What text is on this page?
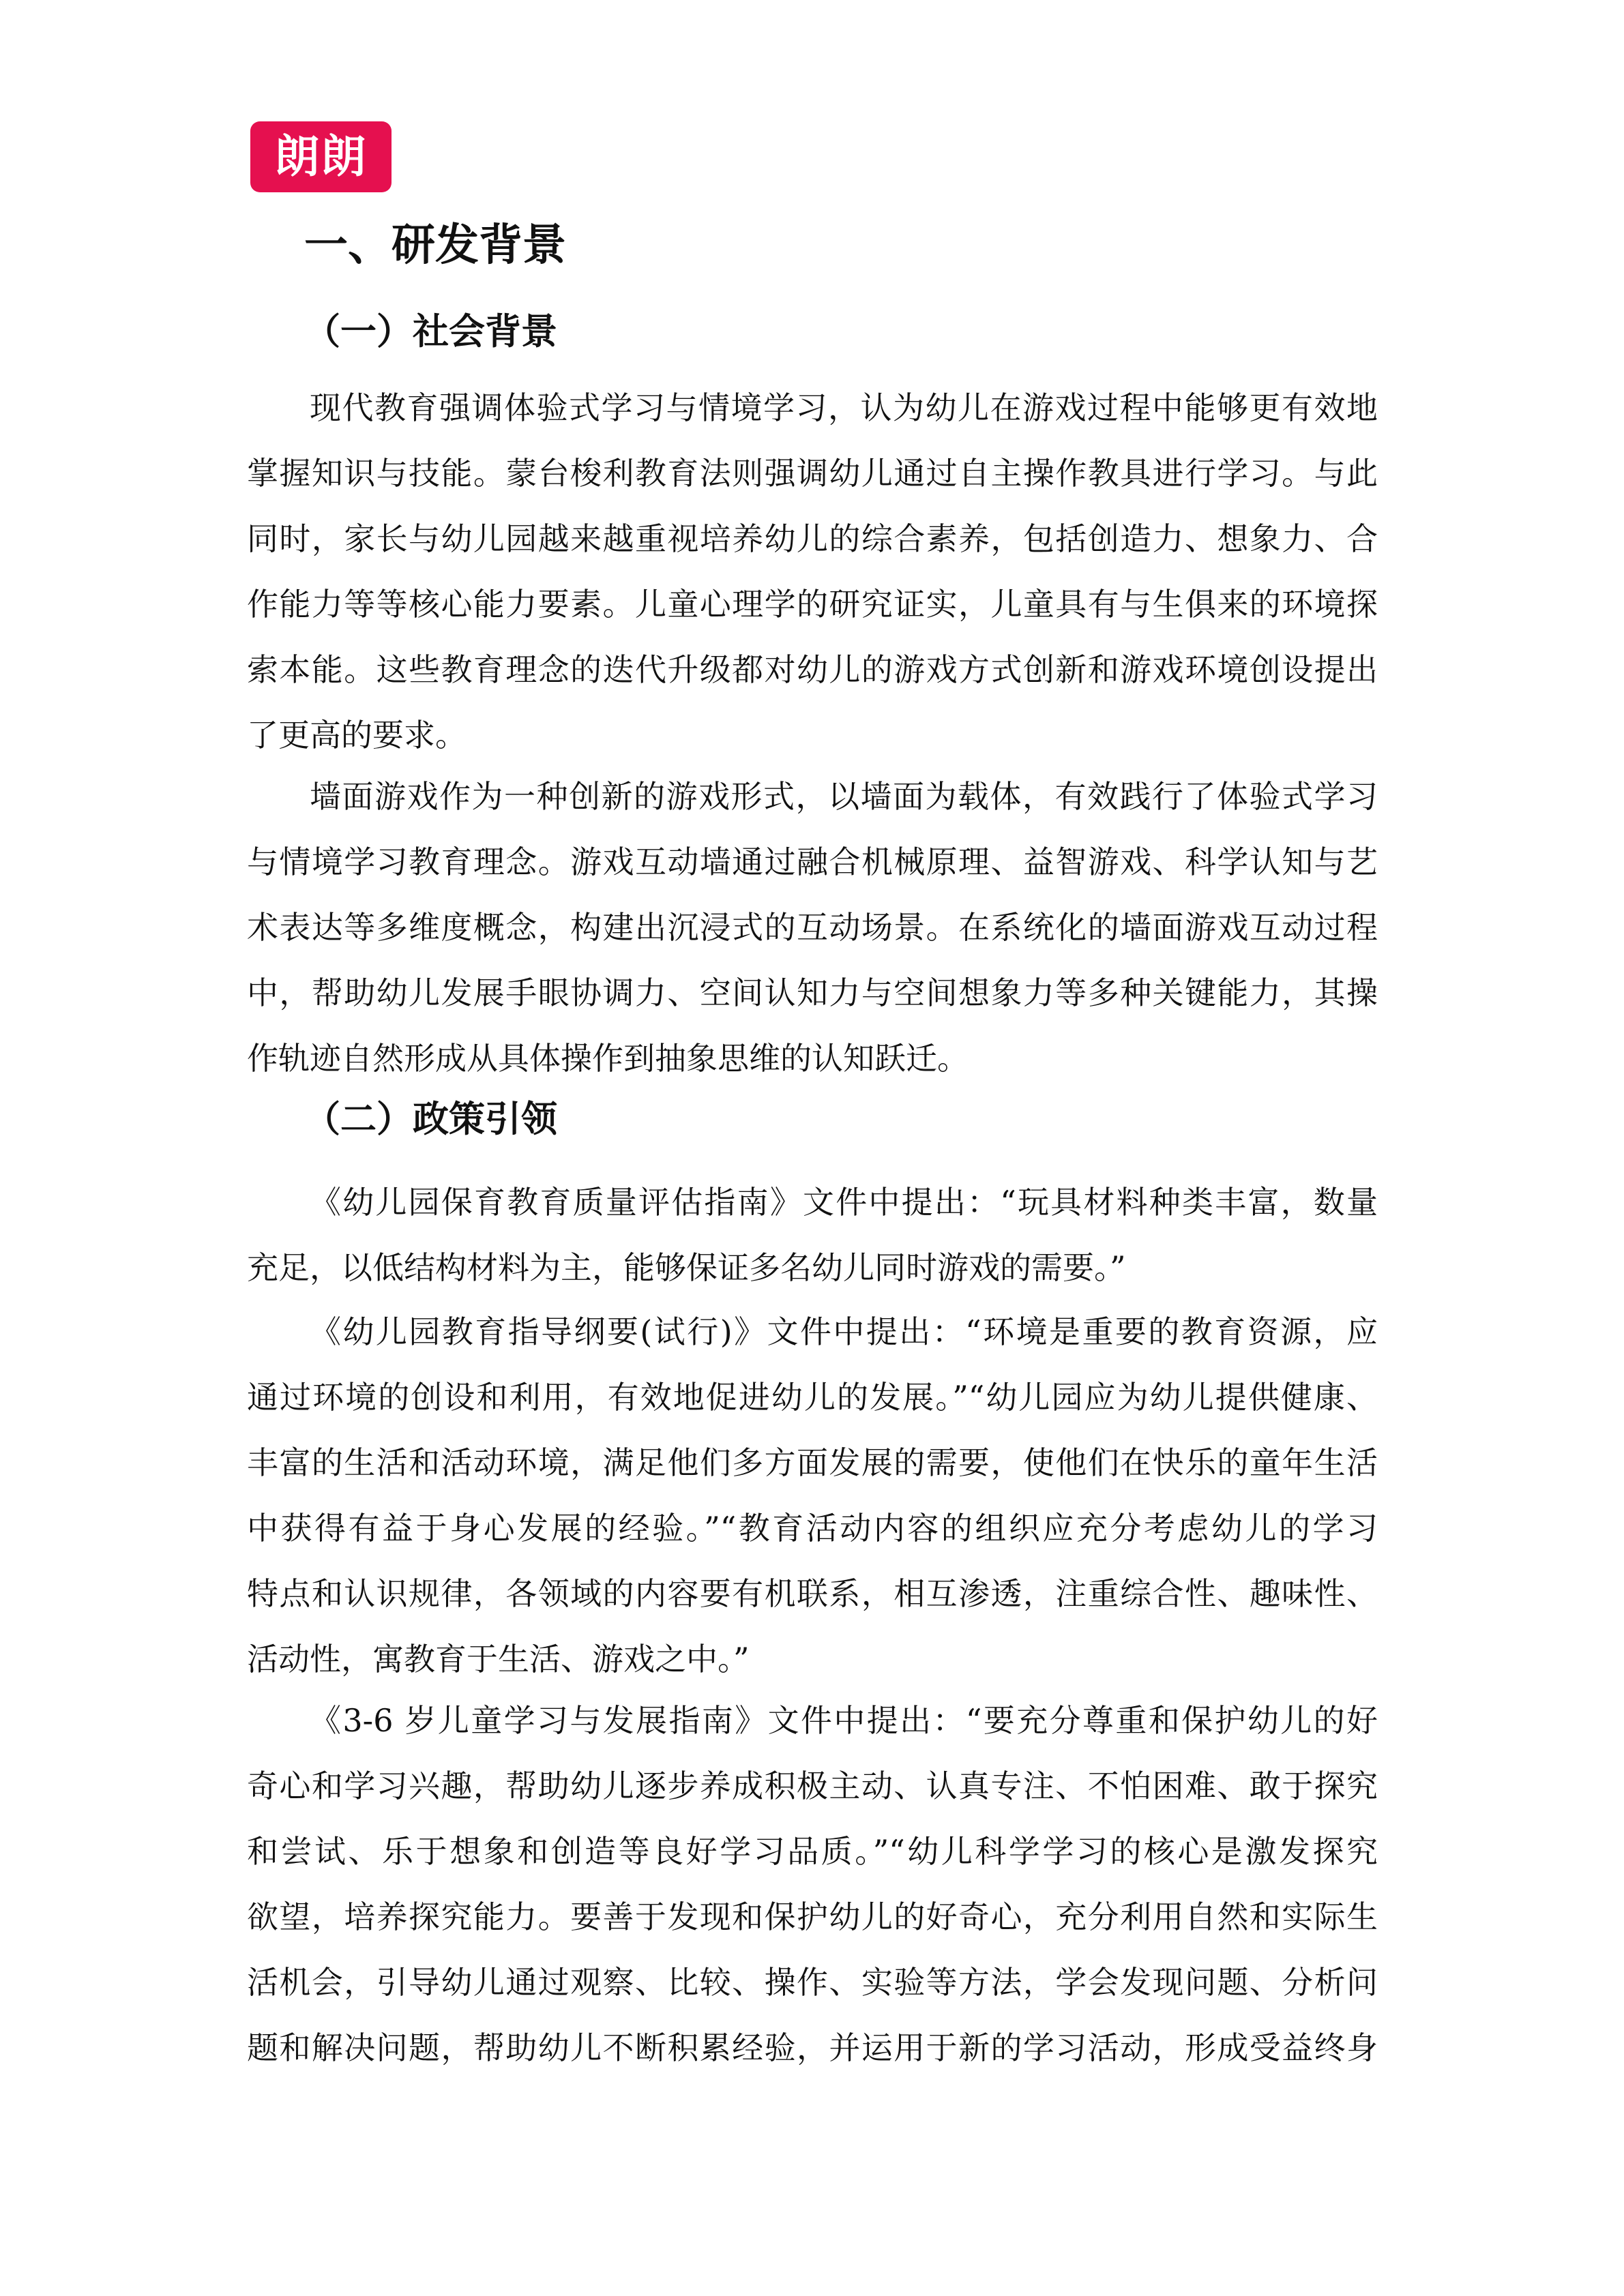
朗朗
一、研发背景
（一）社会背景
现代教育强调体验式学习与情境学习，认为幼儿在游戏过程中能够更有效地
掌握知识与技能。蒙台梭利教育法则强调幼儿通过自主操作教具进行学习。与此
同时，家长与幼儿园越来越重视培养幼儿的综合素养，包括创造力、想象力、合
作能力等等核心能力要素。儿童心理学的研究证实，儿童具有与生俱来的环境探
索本能。这些教育理念的迭代升级都对幼儿的游戏方式创新和游戏环境创设提出
了更高的要求。
墙面游戏作为一种创新的游戏形式，以墙面为载体，有效践行了体验式学习
与情境学习教育理念。游戏互动墙通过融合机械原理、益智游戏、科学认知与艺
术表达等多维度概念，构建出沉浸式的互动场景。在系统化的墙面游戏互动过程
中，帮助幼儿发展手眼协调力、空间认知力与空间想象力等多种关键能力，其操
作轨迹自然形成从具体操作到抽象思维的认知跃迁。
（二）政策引领
《幼儿园保育教育质量评估指南》文件中提出：“玩具材料种类丰富，数量
充足，以低结构材料为主，能够保证多名幼儿同时游戏的需要。”
《幼儿园教育指导纲要(试行)》文件中提出：“环境是重要的教育资源，应
通过环境的创设和利用，有效地促进幼儿的发展。”“幼儿园应为幼儿提供健康、
丰富的生活和活动环境，满足他们多方面发展的需要，使他们在快乐的童年生活
中获得有益于身心发展的经验。”“教育活动内容的组织应充分考虑幼儿的学习
特点和认识规律，各领域的内容要有机联系，相互渗透，注重综合性、趣味性、
活动性，寓教育于生活、游戏之中。”
《3-6 岁儿童学习与发展指南》文件中提出：“要充分尊重和保护幼儿的好
奇心和学习兴趣，帮助幼儿逐步养成积极主动、认真专注、不怕困难、敢于探究
和尝试、乐于想象和创造等良好学习品质。”“幼儿科学学习的核心是激发探究
欲望，培养探究能力。要善于发现和保护幼儿的好奇心，充分利用自然和实际生
活机会，引导幼儿通过观察、比较、操作、实验等方法，学会发现问题、分析问
题和解决问题，帮助幼儿不断积累经验，并运用于新的学习活动，形成受益终身
